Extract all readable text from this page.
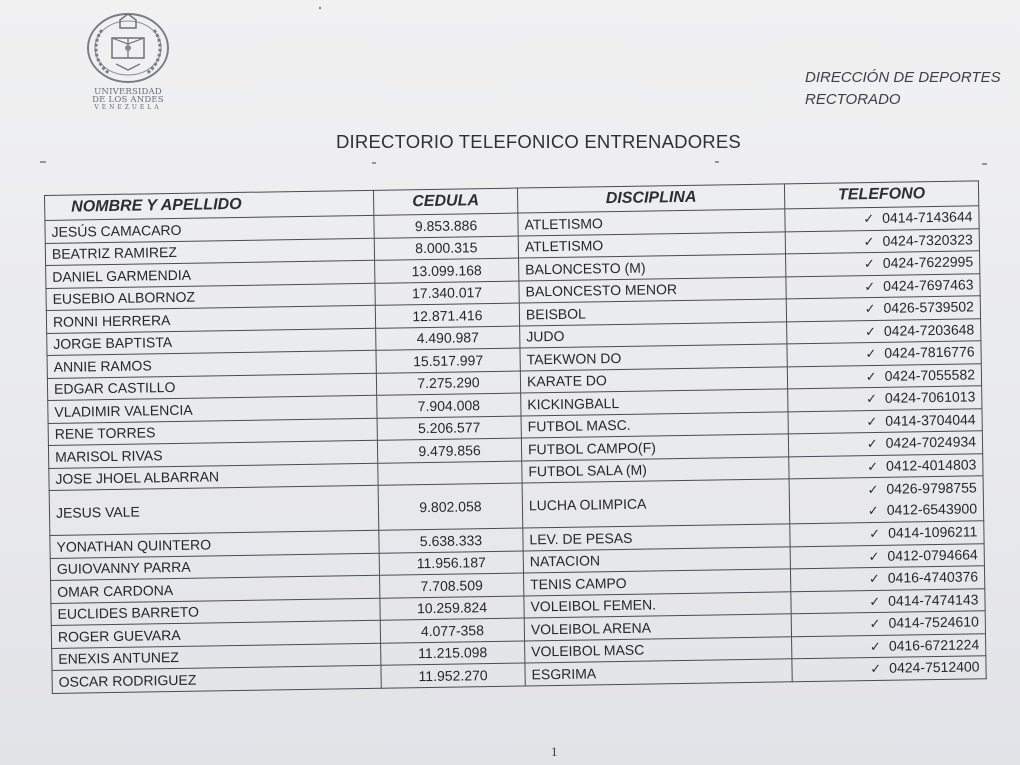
UNIVERSIDAD
DE LOS ANDES
VENEZUELA
DIRECCIÓN DE DEPORTES
RECTORADO
DIRECTORIO TELEFONICO ENTRENADORES
NOMBRE Y APELLIDO	CEDULA	DISCIPLINA	TELEFONO
JESÚS CAMACARO	9.853.886	ATLETISMO	✓ 0414-7143644

BEATRIZ RAMIREZ	8.000.315	ATLETISMO	✓ 0424-7320323

DANIEL GARMENDIA	13.099.168	BALONCESTO (M)	✓ 0424-7622995

EUSEBIO ALBORNOZ	17.340.017	BALONCESTO MENOR	✓ 0424-7697463

RONNI HERRERA	12.871.416	BEISBOL	✓ 0426-5739502

JORGE BAPTISTA	4.490.987	JUDO	✓ 0424-7203648

ANNIE RAMOS	15.517.997	TAEKWON DO	✓ 0424-7816776

EDGAR CASTILLO	7.275.290	KARATE DO	✓ 0424-7055582

VLADIMIR VALENCIA	7.904.008	KICKINGBALL	✓ 0424-7061013

RENE TORRES	5.206.577	FUTBOL MASC.	✓ 0414-3704044

MARISOL RIVAS	9.479.856	FUTBOL CAMPO(F)	✓ 0424-7024934

JOSE JHOEL ALBARRAN		FUTBOL SALA (M)	✓ 0412-4014803

JESUS VALE	9.802.058	LUCHA OLIMPICA	✓ 0426-9798755
✓ 0412-6543900

YONATHAN QUINTERO	5.638.333	LEV. DE PESAS	✓ 0414-1096211

GUIOVANNY PARRA	11.956.187	NATACION	✓ 0412-0794664

OMAR CARDONA	7.708.509	TENIS CAMPO	✓ 0416-4740376

EUCLIDES BARRETO	10.259.824	VOLEIBOL FEMEN.	✓ 0414-7474143

ROGER GUEVARA	4.077-358	VOLEIBOL ARENA	✓ 0414-7524610

ENEXIS ANTUNEZ	11.215.098	VOLEIBOL MASC	✓ 0416-6721224

OSCAR RODRIGUEZ	11.952.270	ESGRIMA	✓ 0424-7512400
1
